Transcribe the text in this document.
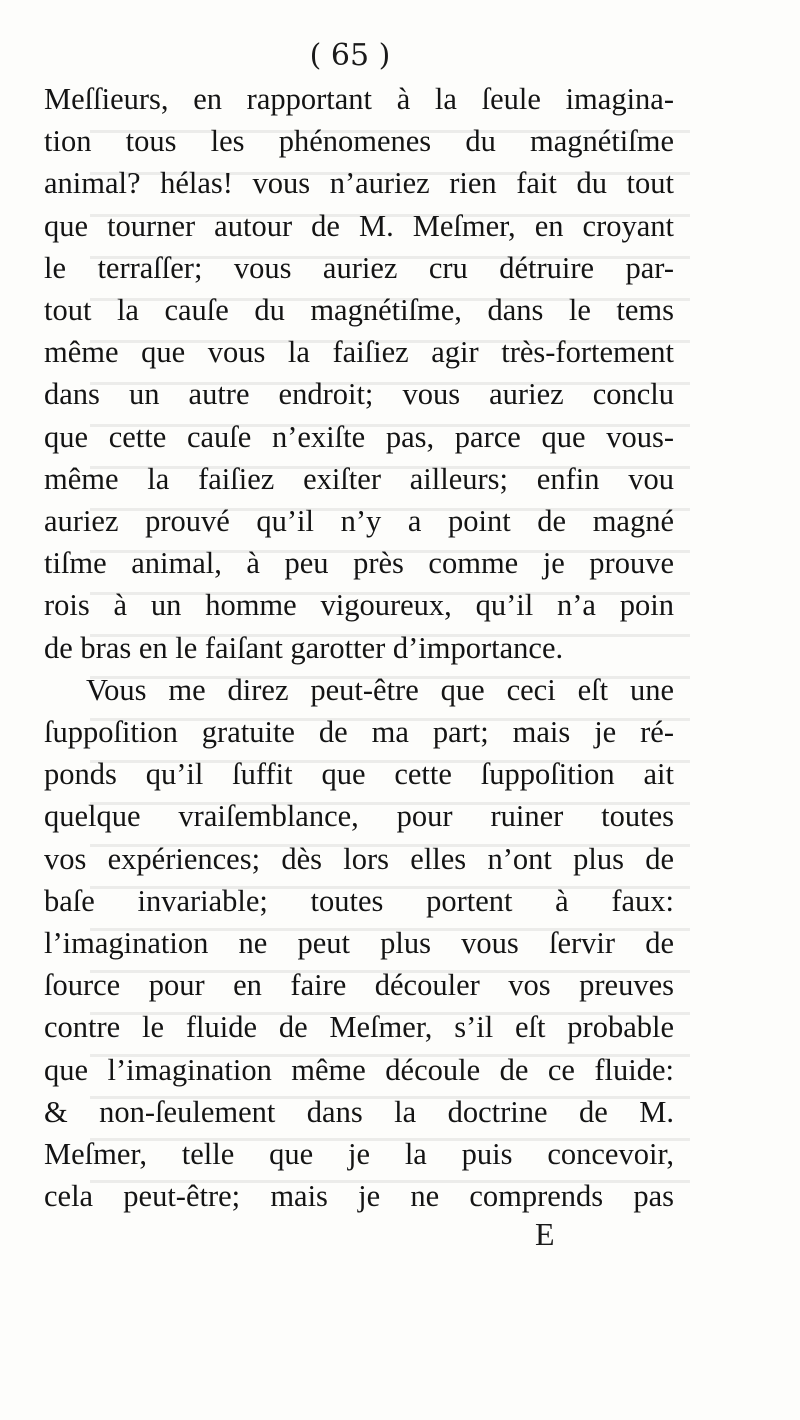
( 65 )
Meſſieurs, en rapportant à la ſeule imagina-
tion tous les phénomenes du magnétiſme
animal? hélas! vous n’auriez rien fait du tout
que tourner autour de M. Meſmer, en croyant
le terraſſer; vous auriez cru détruire par-
tout la cauſe du magnétiſme, dans le tems
même que vous la faiſiez agir très-fortement
dans un autre endroit; vous auriez conclu
que cette cauſe n’exiſte pas, parce que vous-
même la faiſiez exiſter ailleurs; enfin vou
auriez prouvé qu’il n’y a point de magné
tiſme animal, à peu près comme je prouve
rois à un homme vigoureux, qu’il n’a poin
de bras en le faiſant garotter d’importance.
Vous me direz peut-être que ceci eſt une
ſuppoſition gratuite de ma part; mais je ré-
ponds qu’il ſuffit que cette ſuppoſition ait
quelque vraiſemblance, pour ruiner toutes
vos expériences; dès lors elles n’ont plus de
baſe invariable; toutes portent à faux:
l’imagination ne peut plus vous ſervir de
ſource pour en faire découler vos preuves
contre le fluide de Meſmer, s’il eſt probable
que l’imagination même découle de ce fluide:
& non-ſeulement dans la doctrine de M.
Meſmer, telle que je la puis concevoir,
cela peut-être; mais je ne comprends pas
E
